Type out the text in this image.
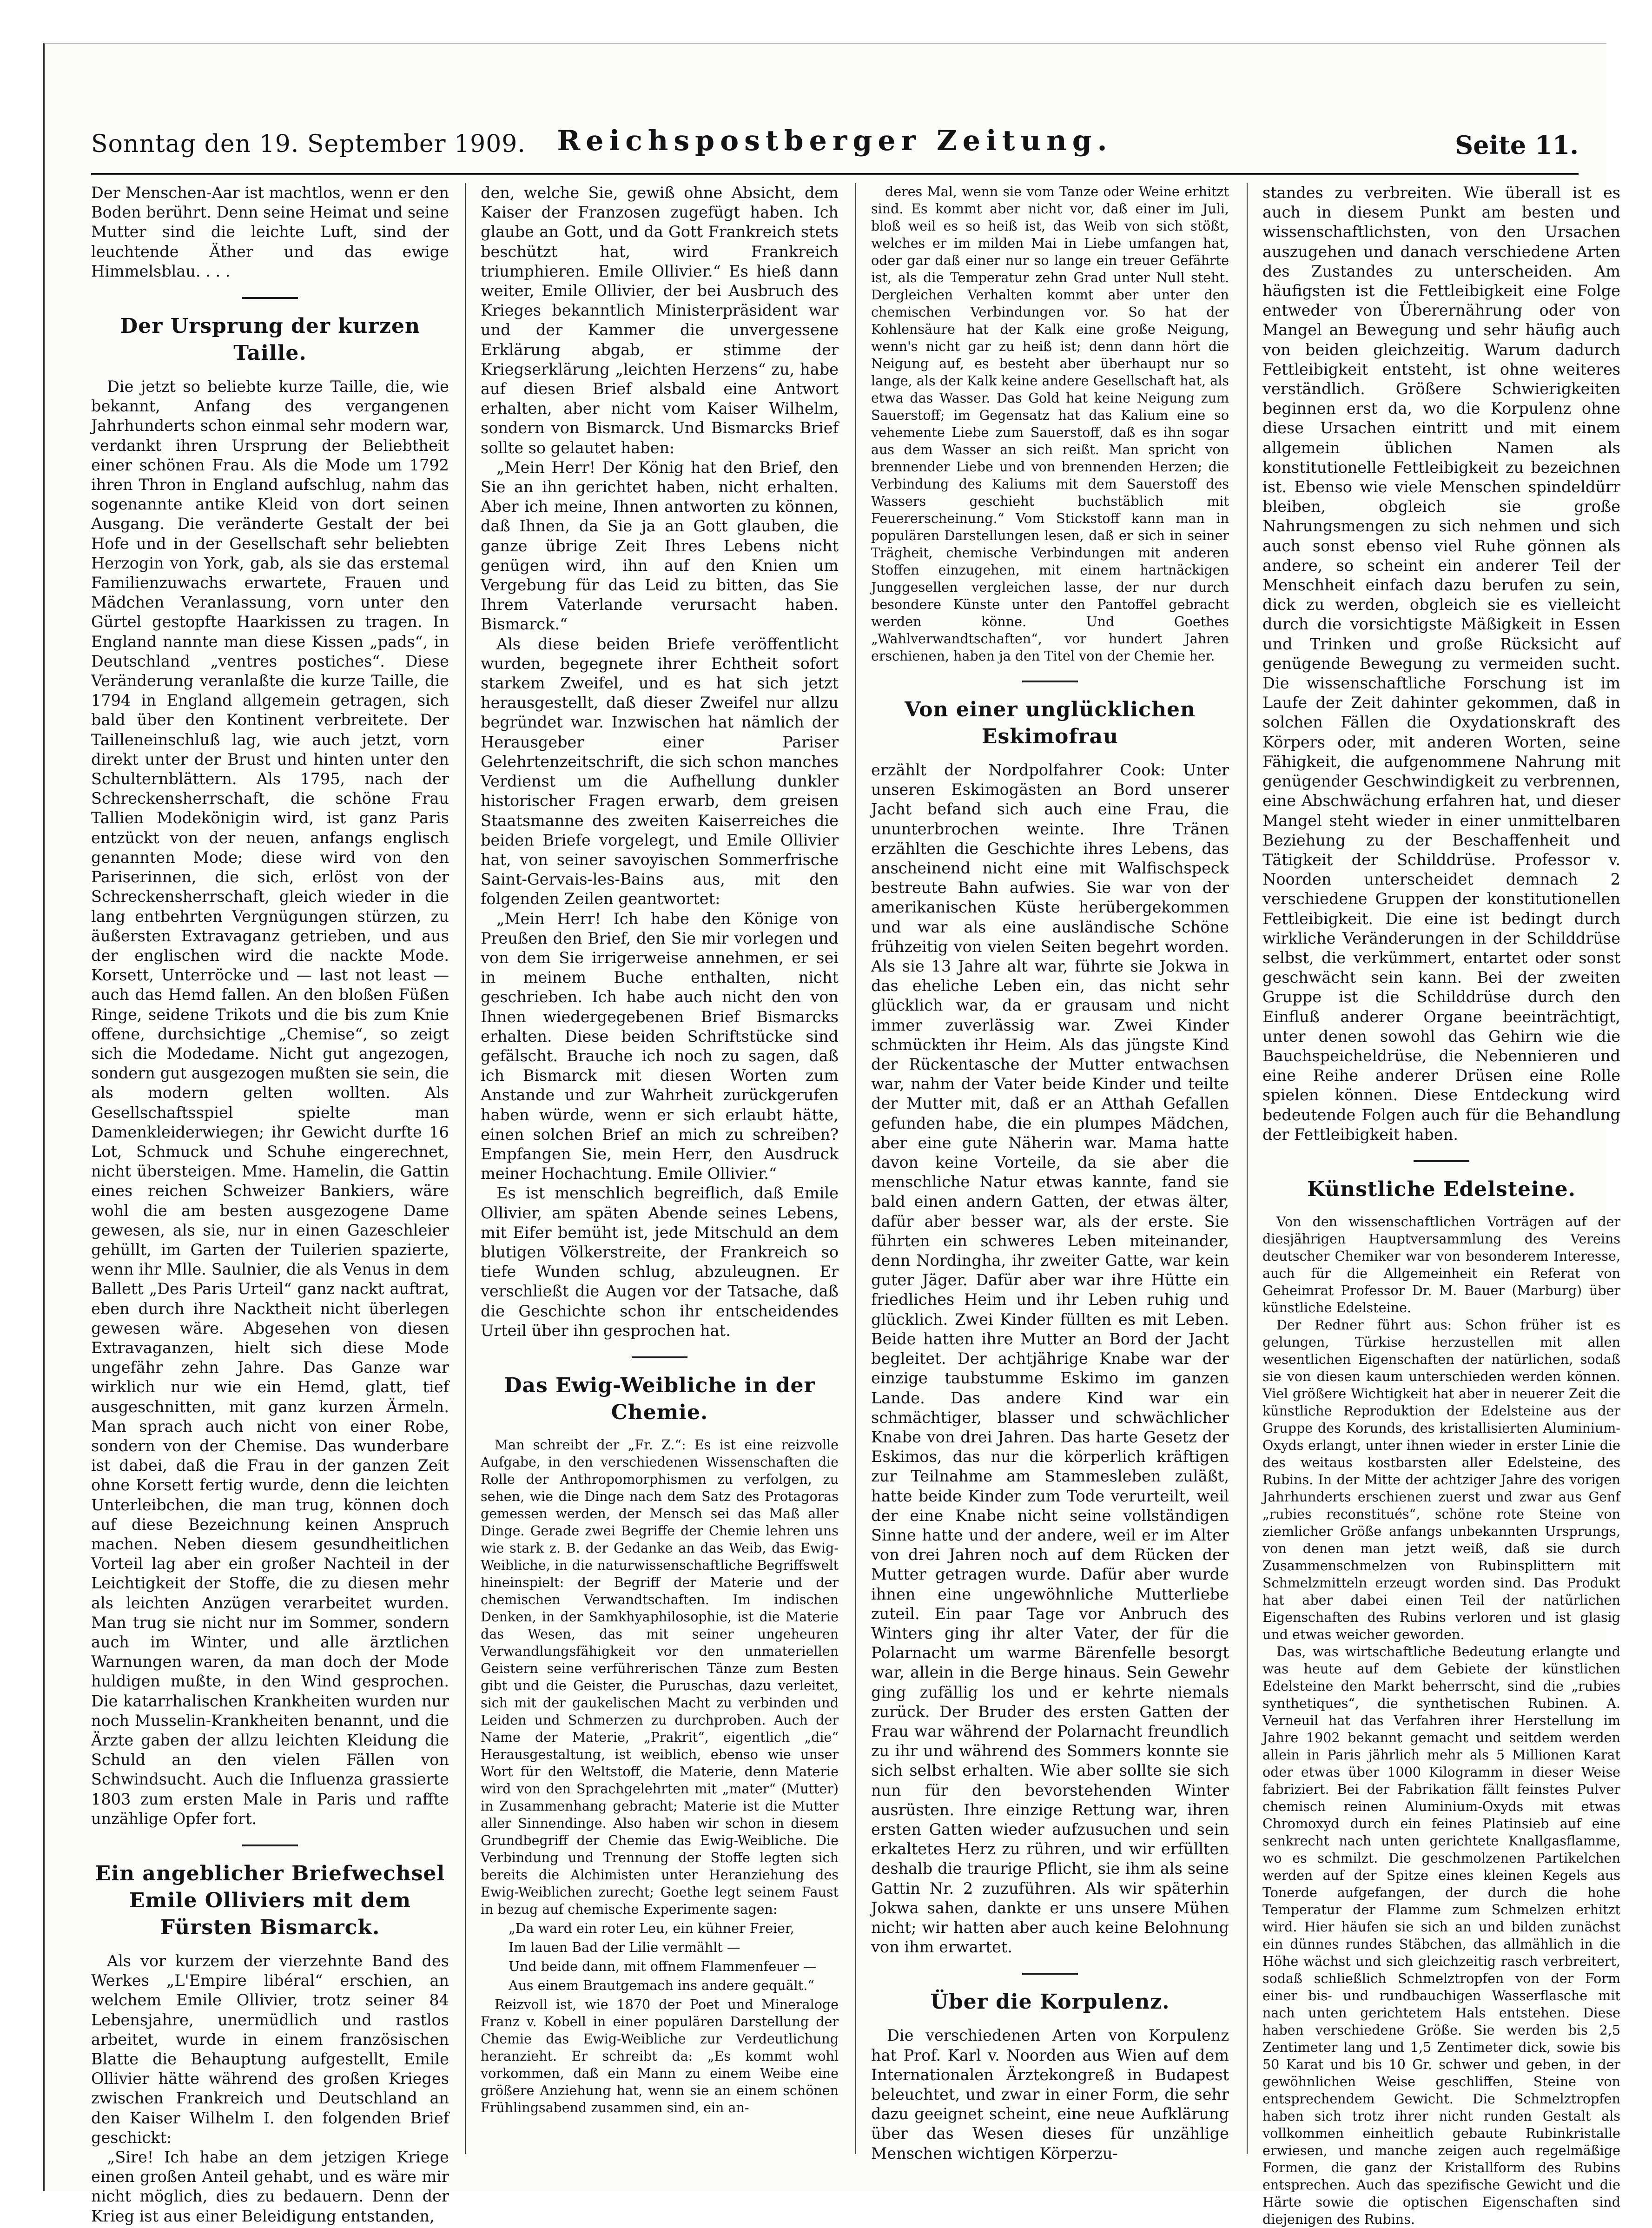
Sonntag den 19. September 1909.	Reichspostberger Zeitung.	Seite 11.

Der Menschen-Aar ist machtlos, wenn er den Boden berührt. Denn seine Heimat und seine Mutter sind die leichte Luft, sind der leuchtende Äther und das ewige Himmelsblau. . . .

Der Ursprung der kurzen Taille.

Die jetzt so beliebte kurze Taille, die, wie bekannt, Anfang des vergangenen Jahrhunderts schon einmal sehr modern war, verdankt ihren Ursprung der Beliebtheit einer schönen Frau. Als die Mode um 1792 ihren Thron in England aufschlug, nahm das sogenannte antike Kleid von dort seinen Ausgang. Die veränderte Gestalt der bei Hofe und in der Gesellschaft sehr beliebten Herzogin von York, gab, als sie das erstemal Familienzuwachs erwartete, Frauen und Mädchen Veranlassung, vorn unter den Gürtel gestopfte Haarkissen zu tragen. In England nannte man diese Kissen „pads“, in Deutschland „ventres postiches“. Diese Veränderung veranlaßte die kurze Taille, die 1794 in England allgemein getragen, sich bald über den Kontinent verbreitete. Der Tailleneinschluß lag, wie auch jetzt, vorn direkt unter der Brust und hinten unter den Schulternblättern. Als 1795, nach der Schreckensherrschaft, die schöne Frau Tallien Modekönigin wird, ist ganz Paris entzückt von der neuen, anfangs englisch genannten Mode; diese wird von den Pariserinnen, die sich, erlöst von der Schreckensherrschaft, gleich wieder in die lang entbehrten Vergnügungen stürzen, zu äußersten Extravaganz getrieben, und aus der englischen wird die nackte Mode. Korsett, Unterröcke und — last not least — auch das Hemd fallen. An den bloßen Füßen Ringe, seidene Trikots und die bis zum Knie offene, durchsichtige „Chemise“, so zeigt sich die Modedame. Nicht gut angezogen, sondern gut ausgezogen mußten sie sein, die als modern gelten wollten. Als Gesellschaftsspiel spielte man Damenkleiderwiegen; ihr Gewicht durfte 16 Lot, Schmuck und Schuhe eingerechnet, nicht übersteigen. Mme. Hamelin, die Gattin eines reichen Schweizer Bankiers, wäre wohl die am besten ausgezogene Dame gewesen, als sie, nur in einen Gazeschleier gehüllt, im Garten der Tuilerien spazierte, wenn ihr Mlle. Saulnier, die als Venus in dem Ballett „Des Paris Urteil“ ganz nackt auftrat, eben durch ihre Nacktheit nicht überlegen gewesen wäre. Abgesehen von diesen Extravaganzen, hielt sich diese Mode ungefähr zehn Jahre. Das Ganze war wirklich nur wie ein Hemd, glatt, tief ausgeschnitten, mit ganz kurzen Ärmeln. Man sprach auch nicht von einer Robe, sondern von der Chemise. Das wunderbare ist dabei, daß die Frau in der ganzen Zeit ohne Korsett fertig wurde, denn die leichten Unterleibchen, die man trug, können doch auf diese Bezeichnung keinen Anspruch machen. Neben diesem gesundheitlichen Vorteil lag aber ein großer Nachteil in der Leichtigkeit der Stoffe, die zu diesen mehr als leichten Anzügen verarbeitet wurden. Man trug sie nicht nur im Sommer, sondern auch im Winter, und alle ärztlichen Warnungen waren, da man doch der Mode huldigen mußte, in den Wind gesprochen. Die katarrhalischen Krankheiten wurden nur noch Musselin-Krankheiten benannt, und die Ärzte gaben der allzu leichten Kleidung die Schuld an den vielen Fällen von Schwindsucht. Auch die Influenza grassierte 1803 zum ersten Male in Paris und raffte unzählige Opfer fort.

Ein angeblicher Briefwechsel Emile Olliviers mit dem Fürsten Bismarck.

Als vor kurzem der vierzehnte Band des Werkes „L'Empire libéral“ erschien, an welchem Emile Ollivier, trotz seiner 84 Lebensjahre, unermüdlich und rastlos arbeitet, wurde in einem französischen Blatte die Behauptung aufgestellt, Emile Ollivier hätte während des großen Krieges zwischen Frankreich und Deutschland an den Kaiser Wilhelm I. den folgenden Brief geschickt:

„Sire! Ich habe an dem jetzigen Kriege einen großen Anteil gehabt, und es wäre mir nicht möglich, dies zu bedauern. Denn der Krieg ist aus einer Beleidigung entstanden,

den, welche Sie, gewiß ohne Absicht, dem Kaiser der Franzosen zugefügt haben. Ich glaube an Gott, und da Gott Frankreich stets beschützt hat, wird Frankreich triumphieren. Emile Ollivier.“ Es hieß dann weiter, Emile Ollivier, der bei Ausbruch des Krieges bekanntlich Ministerpräsident war und der Kammer die unvergessene Erklärung abgab, er stimme der Kriegserklärung „leichten Herzens“ zu, habe auf diesen Brief alsbald eine Antwort erhalten, aber nicht vom Kaiser Wilhelm, sondern von Bismarck. Und Bismarcks Brief sollte so gelautet haben:

„Mein Herr! Der König hat den Brief, den Sie an ihn gerichtet haben, nicht erhalten. Aber ich meine, Ihnen antworten zu können, daß Ihnen, da Sie ja an Gott glauben, die ganze übrige Zeit Ihres Lebens nicht genügen wird, ihn auf den Knien um Vergebung für das Leid zu bitten, das Sie Ihrem Vaterlande verursacht haben. Bismarck.“

Als diese beiden Briefe veröffentlicht wurden, begegnete ihrer Echtheit sofort starkem Zweifel, und es hat sich jetzt herausgestellt, daß dieser Zweifel nur allzu begründet war. Inzwischen hat nämlich der Herausgeber einer Pariser Gelehrtenzeitschrift, die sich schon manches Verdienst um die Aufhellung dunkler historischer Fragen erwarb, dem greisen Staatsmanne des zweiten Kaiserreiches die beiden Briefe vorgelegt, und Emile Ollivier hat, von seiner savoyischen Sommerfrische Saint-Gervais-les-Bains aus, mit den folgenden Zeilen geantwortet:

„Mein Herr! Ich habe den Könige von Preußen den Brief, den Sie mir vorlegen und von dem Sie irrigerweise annehmen, er sei in meinem Buche enthalten, nicht geschrieben. Ich habe auch nicht den von Ihnen wiedergegebenen Brief Bismarcks erhalten. Diese beiden Schriftstücke sind gefälscht. Brauche ich noch zu sagen, daß ich Bismarck mit diesen Worten zum Anstande und zur Wahrheit zurückgerufen haben würde, wenn er sich erlaubt hätte, einen solchen Brief an mich zu schreiben? Empfangen Sie, mein Herr, den Ausdruck meiner Hochachtung. Emile Ollivier.“

Es ist menschlich begreiflich, daß Emile Ollivier, am späten Abende seines Lebens, mit Eifer bemüht ist, jede Mitschuld an dem blutigen Völkerstreite, der Frankreich so tiefe Wunden schlug, abzuleugnen. Er verschließt die Augen vor der Tatsache, daß die Geschichte schon ihr entscheidendes Urteil über ihn gesprochen hat.

Das Ewig-Weibliche in der Chemie.

Man schreibt der „Fr. Z.“: Es ist eine reizvolle Aufgabe, in den verschiedenen Wissenschaften die Rolle der Anthropomorphismen zu verfolgen, zu sehen, wie die Dinge nach dem Satz des Protagoras gemessen werden, der Mensch sei das Maß aller Dinge. Gerade zwei Begriffe der Chemie lehren uns wie stark z. B. der Gedanke an das Weib, das Ewig-Weibliche, in die naturwissenschaftliche Begriffswelt hineinspielt: der Begriff der Materie und der chemischen Verwandtschaften. Im indischen Denken, in der Samkhyaphilosophie, ist die Materie das Wesen, das mit seiner ungeheuren Verwandlungsfähigkeit vor den unmateriellen Geistern seine verführerischen Tänze zum Besten gibt und die Geister, die Puruschas, dazu verleitet, sich mit der gaukelischen Macht zu verbinden und Leiden und Schmerzen zu durchproben. Auch der Name der Materie, „Prakrit“, eigentlich „die“ Herausgestaltung, ist weiblich, ebenso wie unser Wort für den Weltstoff, die Materie, denn Materie wird von den Sprachgelehrten mit „mater“ (Mutter) in Zusammenhang gebracht; Materie ist die Mutter aller Sinnendinge. Also haben wir schon in diesem Grundbegriff der Chemie das Ewig-Weibliche. Die Verbindung und Trennung der Stoffe legten sich bereits die Alchimisten unter Heranziehung des Ewig-Weiblichen zurecht; Goethe legt seinem Faust in bezug auf chemische Experimente sagen:

„Da ward ein roter Leu, ein kühner Freier,
Im lauen Bad der Lilie vermählt —
Und beide dann, mit offnem Flammenfeuer —
Aus einem Brautgemach ins andere gequält.“

Reizvoll ist, wie 1870 der Poet und Mineraloge Franz v. Kobell in einer populären Darstellung der Chemie das Ewig-Weibliche zur Verdeutlichung heranzieht. Er schreibt da: „Es kommt wohl vorkommen, daß ein Mann zu einem Weibe eine größere Anziehung hat, wenn sie an einem schönen Frühlingsabend zusammen sind, ein an-

deres Mal, wenn sie vom Tanze oder Weine erhitzt sind. Es kommt aber nicht vor, daß einer im Juli, bloß weil es so heiß ist, das Weib von sich stößt, welches er im milden Mai in Liebe umfangen hat, oder gar daß einer nur so lange ein treuer Gefährte ist, als die Temperatur zehn Grad unter Null steht. Dergleichen Verhalten kommt aber unter den chemischen Verbindungen vor. So hat der Kohlensäure hat der Kalk eine große Neigung, wenn's nicht gar zu heiß ist; denn dann hört die Neigung auf, es besteht aber überhaupt nur so lange, als der Kalk keine andere Gesellschaft hat, als etwa das Wasser. Das Gold hat keine Neigung zum Sauerstoff; im Gegensatz hat das Kalium eine so vehemente Liebe zum Sauerstoff, daß es ihn sogar aus dem Wasser an sich reißt. Man spricht von brennender Liebe und von brennenden Herzen; die Verbindung des Kaliums mit dem Sauerstoff des Wassers geschieht buchstäblich mit Feuererscheinung.“ Vom Stickstoff kann man in populären Darstellungen lesen, daß er sich in seiner Trägheit, chemische Verbindungen mit anderen Stoffen einzugehen, mit einem hartnäckigen Junggesellen vergleichen lasse, der nur durch besondere Künste unter den Pantoffel gebracht werden könne. Und Goethes „Wahlverwandtschaften“, vor hundert Jahren erschienen, haben ja den Titel von der Chemie her.

Von einer unglücklichen Eskimofrau

erzählt der Nordpolfahrer Cook: Unter unseren Eskimogästen an Bord unserer Jacht befand sich auch eine Frau, die ununterbrochen weinte. Ihre Tränen erzählten die Geschichte ihres Lebens, das anscheinend nicht eine mit Walfischspeck bestreute Bahn aufwies. Sie war von der amerikanischen Küste herübergekommen und war als eine ausländische Schöne frühzeitig von vielen Seiten begehrt worden. Als sie 13 Jahre alt war, führte sie Jokwa in das eheliche Leben ein, das nicht sehr glücklich war, da er grausam und nicht immer zuverlässig war. Zwei Kinder schmückten ihr Heim. Als das jüngste Kind der Rückentasche der Mutter entwachsen war, nahm der Vater beide Kinder und teilte der Mutter mit, daß er an Atthah Gefallen gefunden habe, die ein plumpes Mädchen, aber eine gute Näherin war. Mama hatte davon keine Vorteile, da sie aber die menschliche Natur etwas kannte, fand sie bald einen andern Gatten, der etwas älter, dafür aber besser war, als der erste. Sie führten ein schweres Leben miteinander, denn Nordingha, ihr zweiter Gatte, war kein guter Jäger. Dafür aber war ihre Hütte ein friedliches Heim und ihr Leben ruhig und glücklich. Zwei Kinder füllten es mit Leben. Beide hatten ihre Mutter an Bord der Jacht begleitet. Der achtjährige Knabe war der einzige taubstumme Eskimo im ganzen Lande. Das andere Kind war ein schmächtiger, blasser und schwächlicher Knabe von drei Jahren. Das harte Gesetz der Eskimos, das nur die körperlich kräftigen zur Teilnahme am Stammesleben zuläßt, hatte beide Kinder zum Tode verurteilt, weil der eine Knabe nicht seine vollständigen Sinne hatte und der andere, weil er im Alter von drei Jahren noch auf dem Rücken der Mutter getragen wurde. Dafür aber wurde ihnen eine ungewöhnliche Mutterliebe zuteil. Ein paar Tage vor Anbruch des Winters ging ihr alter Vater, der für die Polarnacht um warme Bärenfelle besorgt war, allein in die Berge hinaus. Sein Gewehr ging zufällig los und er kehrte niemals zurück. Der Bruder des ersten Gatten der Frau war während der Polarnacht freundlich zu ihr und während des Sommers konnte sie sich selbst erhalten. Wie aber sollte sie sich nun für den bevorstehenden Winter ausrüsten. Ihre einzige Rettung war, ihren ersten Gatten wieder aufzusuchen und sein erkaltetes Herz zu rühren, und wir erfüllten deshalb die traurige Pflicht, sie ihm als seine Gattin Nr. 2 zuzuführen. Als wir späterhin Jokwa sahen, dankte er uns unsere Mühen nicht; wir hatten aber auch keine Belohnung von ihm erwartet.

Über die Korpulenz.

Die verschiedenen Arten von Korpulenz hat Prof. Karl v. Noorden aus Wien auf dem Internationalen Ärztekongreß in Budapest beleuchtet, und zwar in einer Form, die sehr dazu geeignet scheint, eine neue Aufklärung über das Wesen dieses für unzählige Menschen wichtigen Körperzu-

standes zu verbreiten. Wie überall ist es auch in diesem Punkt am besten und wissenschaftlichsten, von den Ursachen auszugehen und danach verschiedene Arten des Zustandes zu unterscheiden. Am häufigsten ist die Fettleibigkeit eine Folge entweder von Überernährung oder von Mangel an Bewegung und sehr häufig auch von beiden gleichzeitig. Warum dadurch Fettleibigkeit entsteht, ist ohne weiteres verständlich. Größere Schwierigkeiten beginnen erst da, wo die Korpulenz ohne diese Ursachen eintritt und mit einem allgemein üblichen Namen als konstitutionelle Fettleibigkeit zu bezeichnen ist. Ebenso wie viele Menschen spindeldürr bleiben, obgleich sie große Nahrungsmengen zu sich nehmen und sich auch sonst ebenso viel Ruhe gönnen als andere, so scheint ein anderer Teil der Menschheit einfach dazu berufen zu sein, dick zu werden, obgleich sie es vielleicht durch die vorsichtigste Mäßigkeit in Essen und Trinken und große Rücksicht auf genügende Bewegung zu vermeiden sucht. Die wissenschaftliche Forschung ist im Laufe der Zeit dahinter gekommen, daß in solchen Fällen die Oxydationskraft des Körpers oder, mit anderen Worten, seine Fähigkeit, die aufgenommene Nahrung mit genügender Geschwindigkeit zu verbrennen, eine Abschwächung erfahren hat, und dieser Mangel steht wieder in einer unmittelbaren Beziehung zu der Beschaffenheit und Tätigkeit der Schilddrüse. Professor v. Noorden unterscheidet demnach 2 verschiedene Gruppen der konstitutionellen Fettleibigkeit. Die eine ist bedingt durch wirkliche Veränderungen in der Schilddrüse selbst, die verkümmert, entartet oder sonst geschwächt sein kann. Bei der zweiten Gruppe ist die Schilddrüse durch den Einfluß anderer Organe beeinträchtigt, unter denen sowohl das Gehirn wie die Bauchspeicheldrüse, die Nebennieren und eine Reihe anderer Drüsen eine Rolle spielen können. Diese Entdeckung wird bedeutende Folgen auch für die Behandlung der Fettleibigkeit haben.

Künstliche Edelsteine.

Von den wissenschaftlichen Vorträgen auf der diesjährigen Hauptversammlung des Vereins deutscher Chemiker war von besonderem Interesse, auch für die Allgemeinheit ein Referat von Geheimrat Professor Dr. M. Bauer (Marburg) über künstliche Edelsteine.

Der Redner führt aus: Schon früher ist es gelungen, Türkise herzustellen mit allen wesentlichen Eigenschaften der natürlichen, sodaß sie von diesen kaum unterschieden werden können. Viel größere Wichtigkeit hat aber in neuerer Zeit die künstliche Reproduktion der Edelsteine aus der Gruppe des Korunds, des kristallisierten Aluminium-Oxyds erlangt, unter ihnen wieder in erster Linie die des weitaus kostbarsten aller Edelsteine, des Rubins. In der Mitte der achtziger Jahre des vorigen Jahrhunderts erschienen zuerst und zwar aus Genf „rubies reconstitués“, schöne rote Steine von ziemlicher Größe anfangs unbekannten Ursprungs, von denen man jetzt weiß, daß sie durch Zusammenschmelzen von Rubinsplittern mit Schmelzmitteln erzeugt worden sind. Das Produkt hat aber dabei einen Teil der natürlichen Eigenschaften des Rubins verloren und ist glasig und etwas weicher geworden.

Das, was wirtschaftliche Bedeutung erlangte und was heute auf dem Gebiete der künstlichen Edelsteine den Markt beherrscht, sind die „rubies synthetiques“, die synthetischen Rubinen. A. Verneuil hat das Verfahren ihrer Herstellung im Jahre 1902 bekannt gemacht und seitdem werden allein in Paris jährlich mehr als 5 Millionen Karat oder etwas über 1000 Kilogramm in dieser Weise fabriziert. Bei der Fabrikation fällt feinstes Pulver chemisch reinen Aluminium-Oxyds mit etwas Chromoxyd durch ein feines Platinsieb auf eine senkrecht nach unten gerichtete Knallgasflamme, wo es schmilzt. Die geschmolzenen Partikelchen werden auf der Spitze eines kleinen Kegels aus Tonerde aufgefangen, der durch die hohe Temperatur der Flamme zum Schmelzen erhitzt wird. Hier häufen sie sich an und bilden zunächst ein dünnes rundes Stäbchen, das allmählich in die Höhe wächst und sich gleichzeitig rasch verbreitert, sodaß schließlich Schmelztropfen von der Form einer bis- und rundbauchigen Wasserflasche mit nach unten gerichtetem Hals entstehen. Diese haben verschiedene Größe. Sie werden bis 2,5 Zentimeter lang und 1,5 Zentimeter dick, sowie bis 50 Karat und bis 10 Gr. schwer und geben, in der gewöhnlichen Weise geschliffen, Steine von entsprechendem Gewicht. Die Schmelztropfen haben sich trotz ihrer nicht runden Gestalt als vollkommen einheitlich gebaute Rubinkristalle erwiesen, und manche zeigen auch regelmäßige Formen, die ganz der Kristallform des Rubins entsprechen. Auch das spezifische Gewicht und die Härte sowie die optischen Eigenschaften sind diejenigen des Rubins.
